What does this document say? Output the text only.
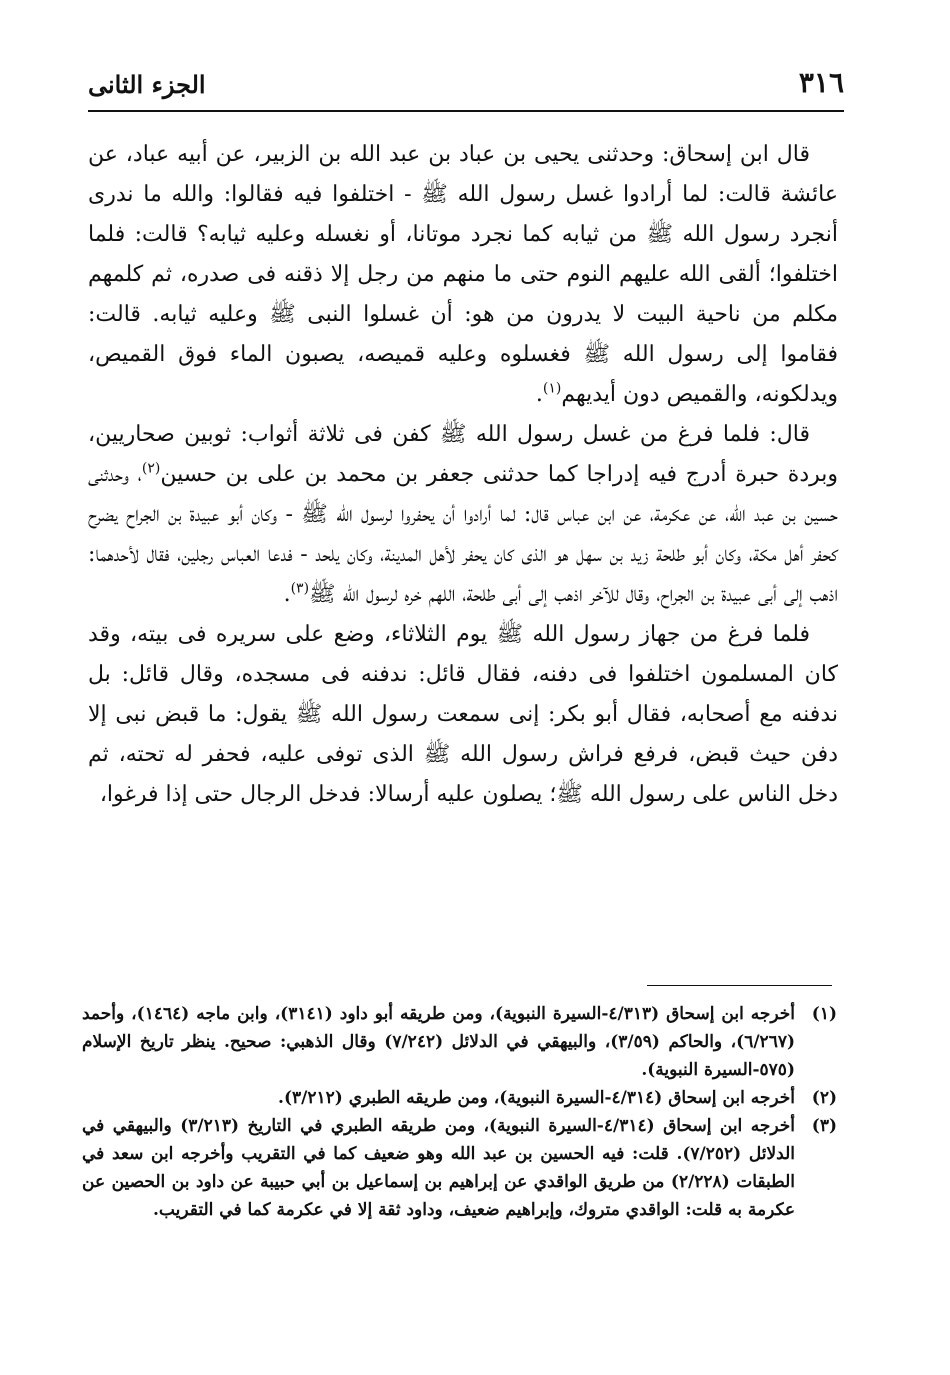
الجزء الثانى	٣١٦

قال ابن إسحاق: وحدثنى يحيى بن عباد بن عبد الله بن الزبير، عن أبيه عباد، عن عائشة قالت: لما أرادوا غسل رسول الله ﷺ - اختلفوا فيه فقالوا: والله ما ندرى أنجرد رسول الله ﷺ من ثيابه كما نجرد موتانا، أو نغسله وعليه ثيابه؟ قالت: فلما اختلفوا؛ ألقى الله عليهم النوم حتى ما منهم من رجل إلا ذقنه فى صدره، ثم كلمهم مكلم من ناحية البيت لا يدرون من هو: أن غسلوا النبى ﷺ وعليه ثيابه. قالت: فقاموا إلى رسول الله ﷺ فغسلوه وعليه قميصه، يصبون الماء فوق القميص، ويدلكونه، والقميص دون أيديهم$^{(١)}$.

قال: فلما فرغ من غسل رسول الله ﷺ كفن فى ثلاثة أثواب: ثوبين صحاريين، وبردة حبرة أدرج فيه إدراجا كما حدثنى جعفر بن محمد بن على بن حسين$^{(٢)}$، وحدثنى حسين بن عبد الله، عن عكرمة، عن ابن عباس قال: لما أرادوا أن يحفروا لرسول الله ﷺ - وكان أبو عبيدة بن الجراح يضرح كحفر أهل مكة، وكان أبو طلحة زيد بن سهل هو الذى كان يحفر لأهل المدينة، وكان يلحد - فدعا العباس رجلين، فقال لأحدهما: اذهب إلى أبى عبيدة بن الجراح، وقال للآخر اذهب إلى أبى طلحة، اللهم خره لرسول الله ﷺ$^{(٣)}$.

فلما فرغ من جهاز رسول الله ﷺ يوم الثلاثاء، وضع على سريره فى بيته، وقد كان المسلمون اختلفوا فى دفنه، فقال قائل: ندفنه فى مسجده، وقال قائل: بل ندفنه مع أصحابه، فقال أبو بكر: إنى سمعت رسول الله ﷺ يقول: ما قبض نبى إلا دفن حيث قبض، فرفع فراش رسول الله ﷺ الذى توفى عليه، فحفر له تحته، ثم دخل الناس على رسول الله ﷺ؛ يصلون عليه أرسالا: فدخل الرجال حتى إذا فرغوا،

(١)
أخرجه ابن إسحاق (٤/٣١٣-السيرة النبوية)، ومن طريقه أبو داود (٣١٤١)، وابن ماجه (١٤٦٤)، وأحمد (٦/٢٦٧)، والحاكم (٣/٥٩)، والبيهقي في الدلائل (٧/٢٤٢) وقال الذهبي: صحيح. ينظر تاريخ الإسلام (٥٧٥-السيرة النبوية).

(٢)
أخرجه ابن إسحاق (٤/٣١٤-السيرة النبوية)، ومن طريقه الطبري (٣/٢١٢).

(٣)
أخرجه ابن إسحاق (٤/٣١٤-السيرة النبوية)، ومن طريقه الطبري في التاريخ (٣/٢١٣) والبيهقي في الدلائل (٧/٢٥٢). قلت: فيه الحسين بن عبد الله وهو ضعيف كما في التقريب وأخرجه ابن سعد في الطبقات (٢/٢٢٨) من طريق الواقدي عن إبراهيم بن إسماعيل بن أبي حبيبة عن داود بن الحصين عن عكرمة به قلت: الواقدي متروك، وإبراهيم ضعيف، وداود ثقة إلا في عكرمة كما في التقريب.
